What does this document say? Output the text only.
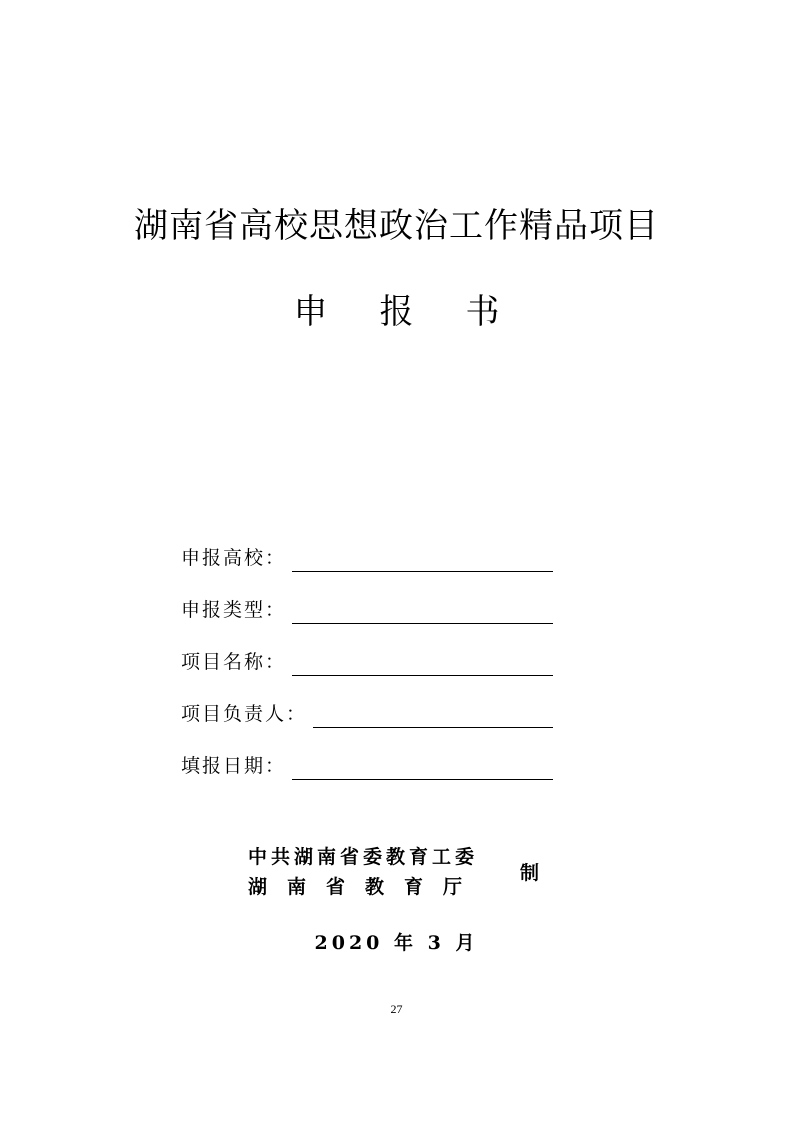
湖南省高校思想政治工作精品项目
申报书
申报高校：
申报类型：
项目名称：
项目负责人：
填报日期：
中共湖南省委教育工委
湖南省教育厅
制
2020 年 3 月
27
